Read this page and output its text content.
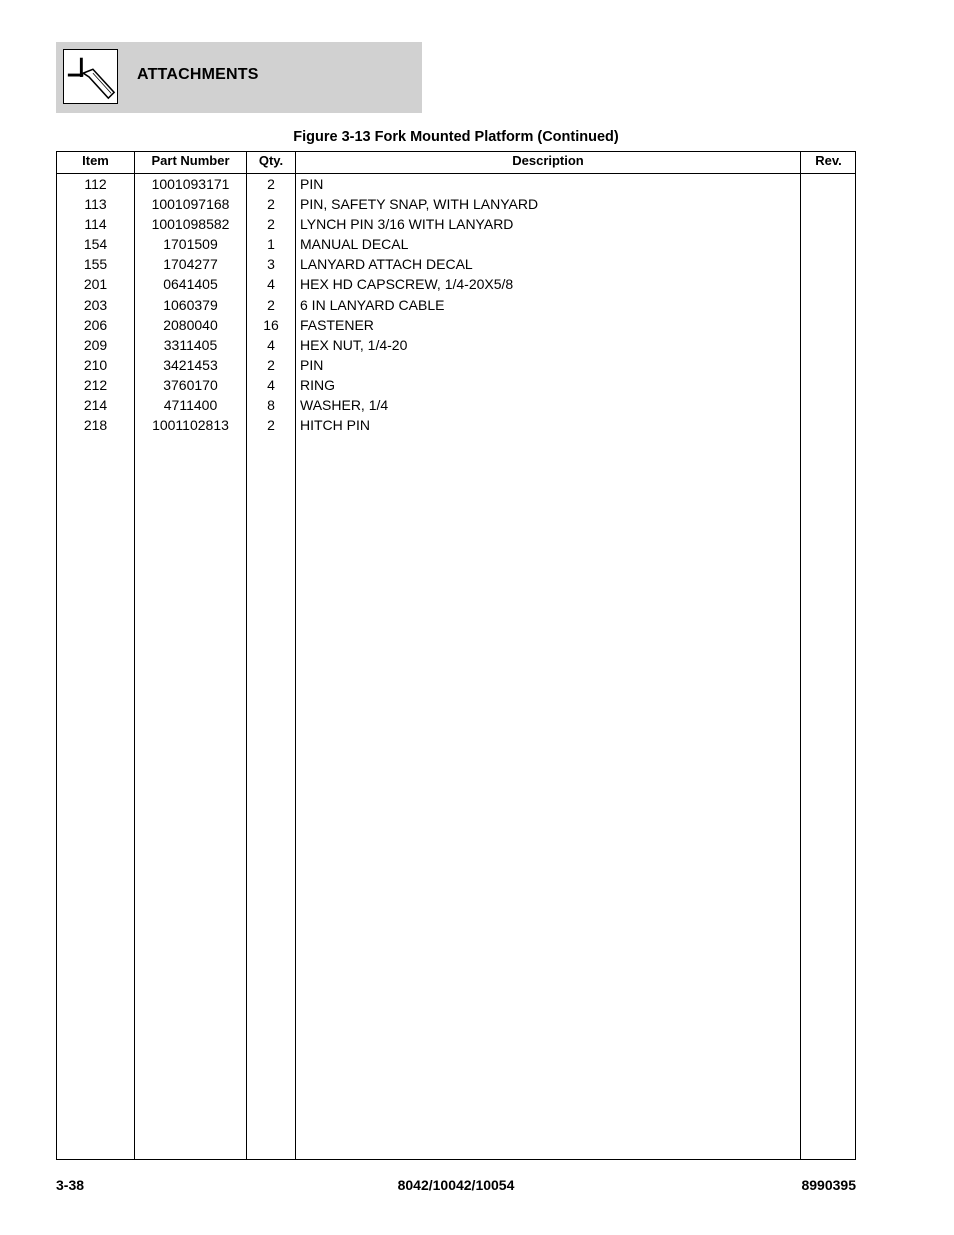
ATTACHMENTS
Figure 3-13 Fork Mounted Platform (Continued)
Item	Part Number	Qty.	Description	Rev.
112	1001093171	2	PIN
113	1001097168	2	PIN, SAFETY SNAP, WITH LANYARD
114	1001098582	2	LYNCH PIN 3/16 WITH LANYARD
154	1701509	1	MANUAL DECAL
155	1704277	3	LANYARD ATTACH DECAL
201	0641405	4	HEX HD CAPSCREW, 1/4-20X5/8
203	1060379	2	6 IN LANYARD CABLE
206	2080040	16	FASTENER
209	3311405	4	HEX NUT, 1/4-20
210	3421453	2	PIN
212	3760170	4	RING
214	4711400	8	WASHER, 1/4
218	1001102813	2	HITCH PIN
3-38	8042/10042/10054	8990395
